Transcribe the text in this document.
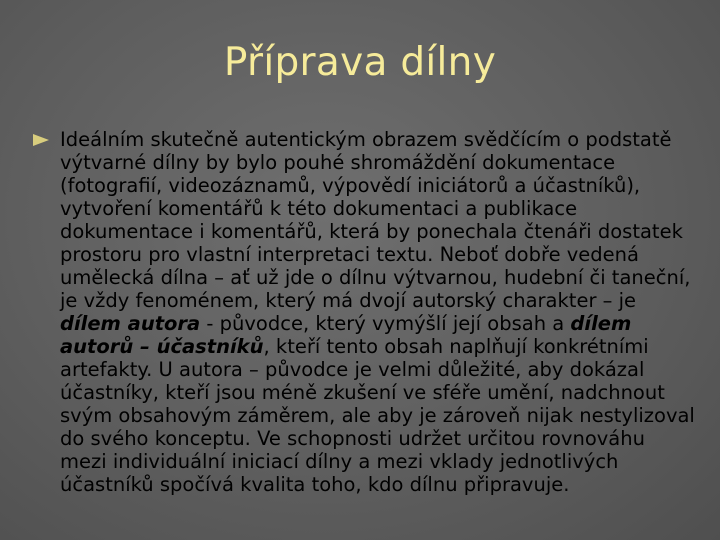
Příprava dílny
Ideálním skutečně autentickým obrazem svědčícím o podstatě výtvarné dílny by bylo pouhé shromáždění dokumentace (fotografií, videozáznamů, výpovědí iniciátorů a účastníků), vytvoření komentářů k této dokumentaci a publikace dokumentace i komentářů, která by ponechala čtenáři dostatek prostoru pro vlastní interpretaci textu. Neboť dobře vedená umělecká dílna – ať už jde o dílnu výtvarnou, hudební či taneční, je vždy fenoménem, který má dvojí autorský charakter – je dílem autora - původce, který vymýšlí její obsah a dílem autorů – účastníků, kteří tento obsah naplňují konkrétními artefakty. U autora – původce je velmi důležité, aby dokázal účastníky, kteří jsou méně zkušení ve sféře umění, nadchnout svým obsahovým záměrem, ale aby je zároveň nijak nestylizoval do svého konceptu. Ve schopnosti udržet určitou rovnováhu mezi individuální iniciací dílny a mezi vklady jednotlivých účastníků spočívá kvalita toho, kdo dílnu připravuje.
